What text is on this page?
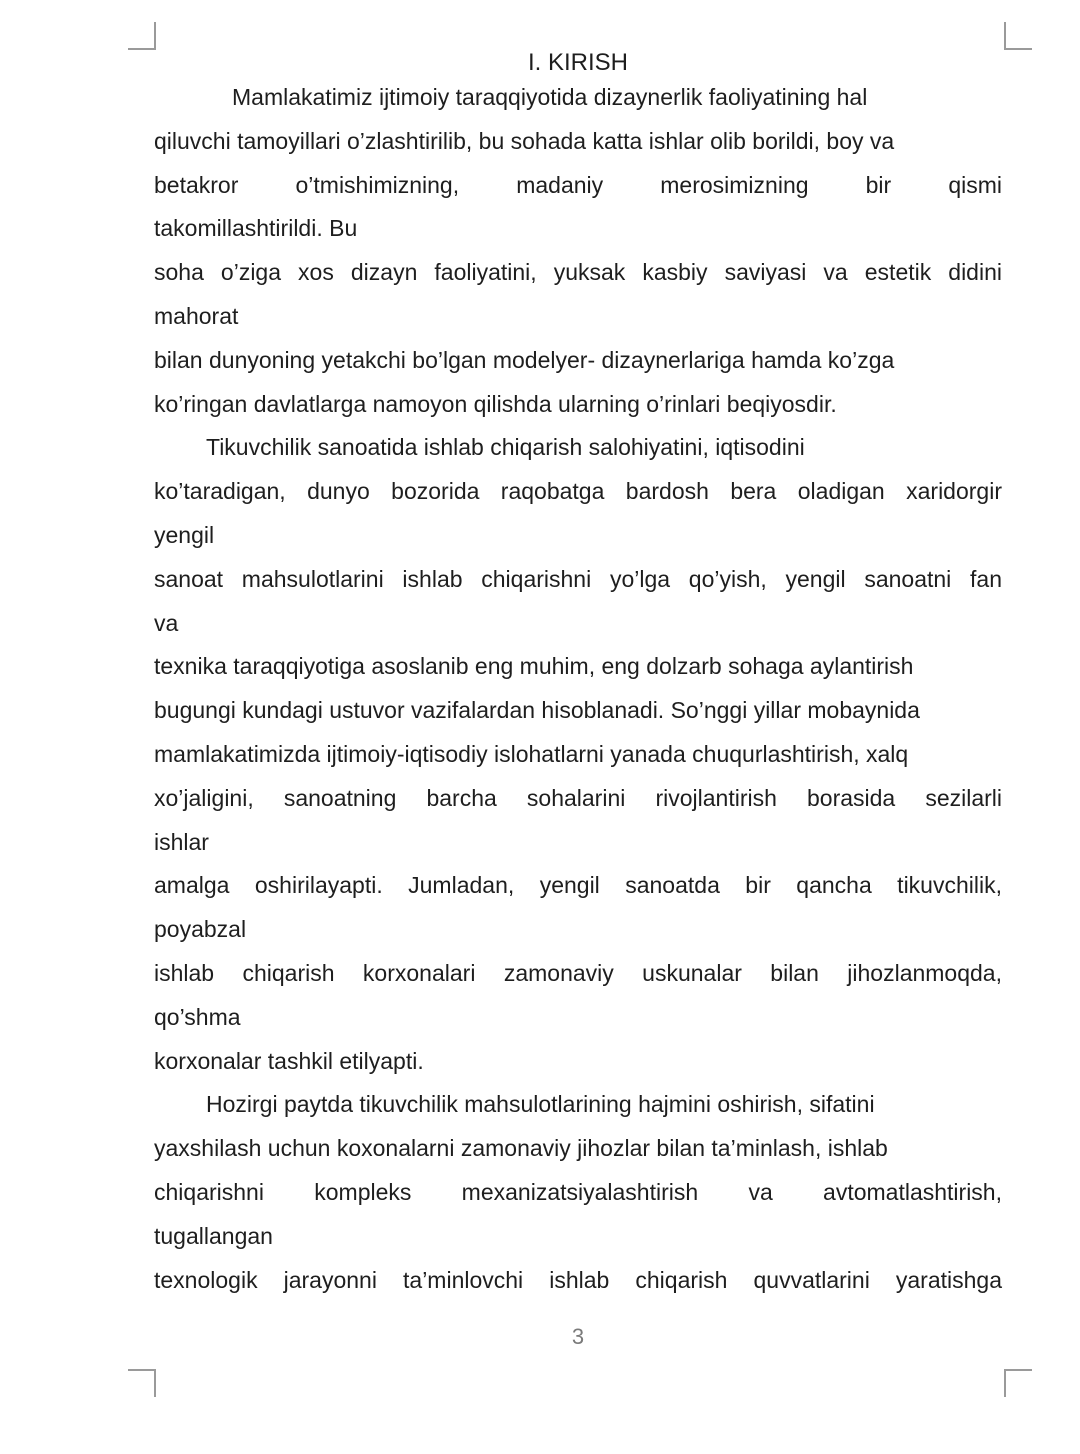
I. KIRISH
Mamlakatimiz ijtimoiy taraqqiyotida dizaynerlik faoliyatining hal
qiluvchi tamoyillari o’zlashtirilib, bu sohada katta ishlar olib borildi, boy va
betakror o’tmishimizning, madaniy merosimizning bir qismi
takomillashtirildi. Bu
soha o’ziga xos dizayn faoliyatini, yuksak kasbiy saviyasi va estetik didini
mahorat
bilan dunyoning yetakchi bo’lgan modelyer- dizaynerlariga hamda ko’zga
ko’ringan davlatlarga namoyon qilishda ularning o’rinlari beqiyosdir.
Tikuvchilik sanoatida ishlab chiqarish salohiyatini, iqtisodini
ko’taradigan, dunyo bozorida raqobatga bardosh bera oladigan xaridorgir
yengil
sanoat mahsulotlarini ishlab chiqarishni yo’lga qo’yish, yengil sanoatni fan
va
texnika taraqqiyotiga asoslanib eng muhim, eng dolzarb sohaga aylantirish
bugungi kundagi ustuvor vazifalardan hisoblanadi. So’nggi yillar mobaynida
mamlakatimizda ijtimoiy-iqtisodiy islohatlarni yanada chuqurlashtirish, xalq
xo’jaligini, sanoatning barcha sohalarini rivojlantirish borasida sezilarli
ishlar
amalga oshirilayapti. Jumladan, yengil sanoatda bir qancha tikuvchilik,
poyabzal
ishlab chiqarish korxonalari zamonaviy uskunalar bilan jihozlanmoqda,
qo’shma
korxonalar tashkil etilyapti.
Hozirgi paytda tikuvchilik mahsulotlarining hajmini oshirish, sifatini
yaxshilash uchun koxonalarni zamonaviy jihozlar bilan ta’minlash, ishlab
chiqarishni kompleks mexanizatsiyalashtirish va avtomatlashtirish,
tugallangan
texnologik jarayonni ta’minlovchi ishlab chiqarish quvvatlarini yaratishga
3
